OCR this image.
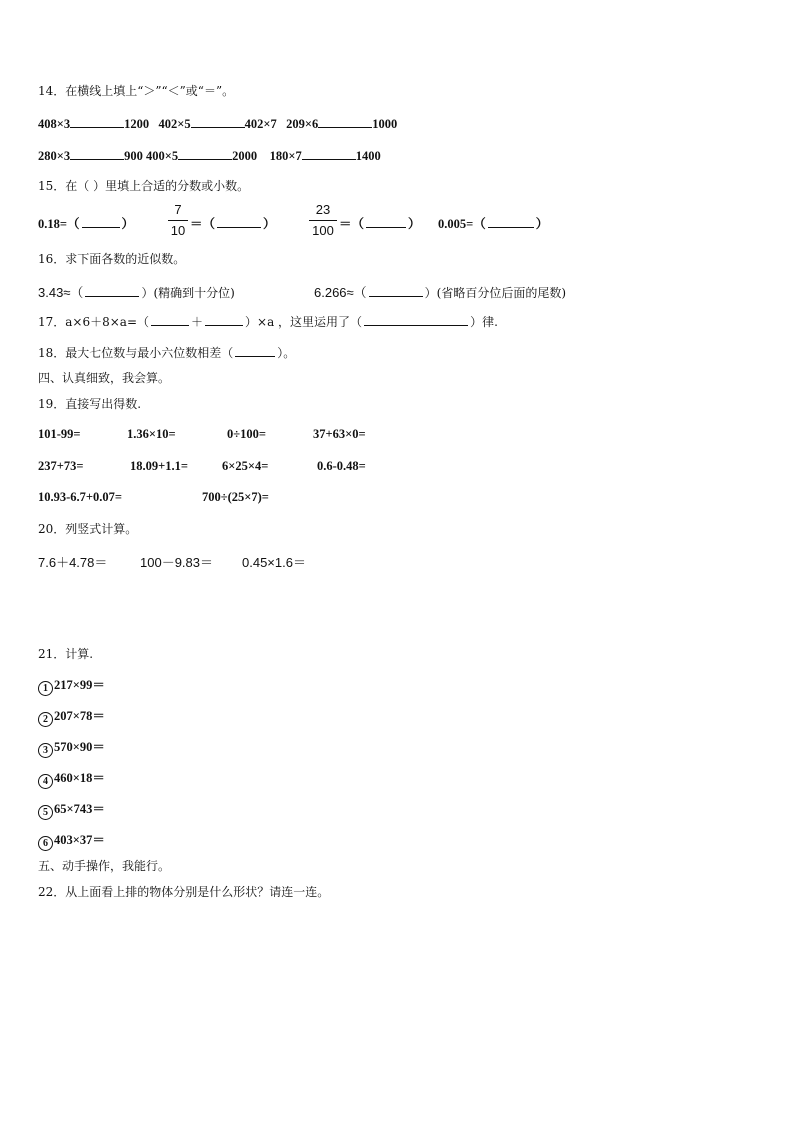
14．在横线上填上“＞”“＜”或“＝”。
408×3	1200 402×5	402×7 209×6	1000
280×3	900 400×5	2000 180×7	1400
15．在（ ）里填上合适的分数或小数。
0.18=（	）
7
10 ＝（	）
23
100 ＝（	） 0.005=（	）
16．求下面各数的近似数。
3.43≈（	）(精确到十分位)	6.266≈（	）(省略百分位后面的尾数)
17．a×6＋8×a=（	＋	）×a ，这里运用了（	）律.
18．最大七位数与最小六位数相差（	）。
四、认真细致，我会算。
19．直接写出得数.
101-99=	1.36×10=	0÷100=	37+63×0=
237+73=	18.09+1.1=	6×25×4=	0.6-0.48=
10.93-6.7+0.07=	700÷(25×7)=
20．列竖式计算。
7.6＋4.78＝	100－9.83＝ 0.45×1.6＝
21．计算.
1 217×99＝
2 207×78＝
3 570×90＝
4 460×18＝
5 65×743＝
6 403×37＝
五、动手操作，我能行。
22．从上面看上排的物体分别是什么形状？请连一连。
